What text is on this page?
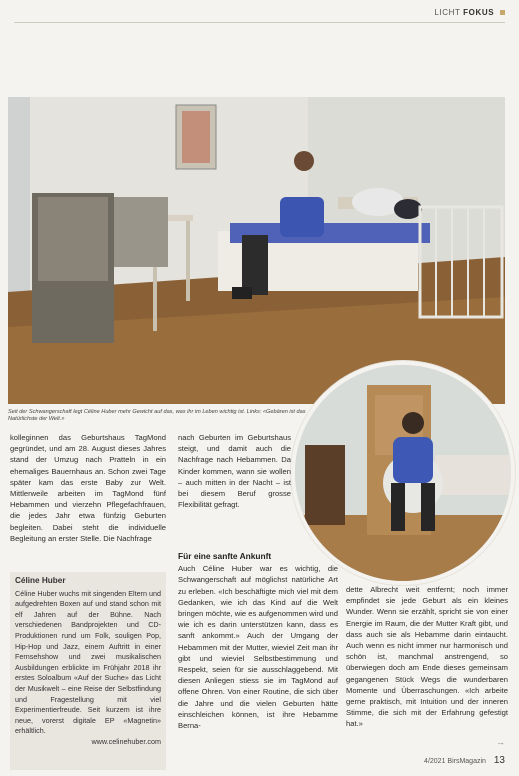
LICHT FOKUS
Seit der Schwangerschaft legt Céline Huber mehr Gewicht auf das, was ihr im Leben wichtig ist. Links: «Gebären ist das Natürlichste der Welt.»

kolleginnen das Geburtshaus TagMond gegründet, und am 28. August dieses Jahres stand der Umzug nach Pratteln in ein ehemaliges Bauernhaus an. Schon zwei Tage später kam das erste Baby zur Welt. Mittlerweile arbeiten im TagMond fünf Hebammen und vierzehn Pflegefachfrauen, die jedes Jahr etwa fünfzig Geburten begleiten. Dabei steht die individuelle Begleitung an erster Stelle. Die Nachfrage

nach Geburten im Geburtshaus steigt, und damit auch die Nachfrage nach Hebammen. Da Kinder kommen, wann sie wollen – auch mitten in der Nacht – ist bei diesem Beruf grosse Flexibilität gefragt.

Für eine sanfte Ankunft

Auch Céline Huber war es wichtig, die Schwangerschaft auf möglichst natürliche Art zu erleben. «Ich beschäftigte mich viel mit dem Gedanken, wie ich das Kind auf die Welt bringen möchte, wie es aufgenommen wird und wie ich es darin unterstützen kann, dass es sanft ankommt.» Auch der Umgang der Hebammen mit der Mutter, wieviel Zeit man ihr gibt und wieviel Selbstbestimmung und Respekt, seien für sie ausschlaggebend. Mit diesen Anliegen stiess sie im TagMond auf offene Ohren. Von einer Routine, die sich über die Jahre und die vielen Geburten hätte einschleichen können, ist ihre Hebamme Berna-

dette Albrecht weit entfernt; noch immer empfindet sie jede Geburt als ein kleines Wunder. Wenn sie erzählt, spricht sie von einer Energie im Raum, die der Mutter Kraft gibt, und dass auch sie als Hebamme darin eintaucht. Auch wenn es nicht immer nur harmonisch und schön ist, manchmal anstrengend, so überwiegen doch am Ende dieses gemeinsam gegangenen Stück Wegs die wunderbaren Momente und Überraschungen. «Ich arbeite gerne praktisch, mit Intuition und der inneren Stimme, die sich mit der Erfahrung gefestigt hat.»

Céline Huber

Céline Huber wuchs mit singenden Eltern und aufgedrehten Boxen auf und stand schon mit elf Jahren auf der Bühne. Nach verschiedenen Bandprojekten und CD-Produktionen rund um Folk, souligen Pop, Hip-Hop und Jazz, einem Auftritt in einer Fernsehshow und zwei musikalischen Ausbildungen erblickte im Frühjahr 2018 ihr erstes Soloalbum «Auf der Suche» das Licht der Musikwelt – eine Reise der Selbstfindung und Fragestellung mit viel Experimentierfreude. Seit kurzem ist ihre neue, vorerst digitale EP «Magnetin» erhältlich.

www.celinehuber.com	→
4/2021 BirsMagazin 13
